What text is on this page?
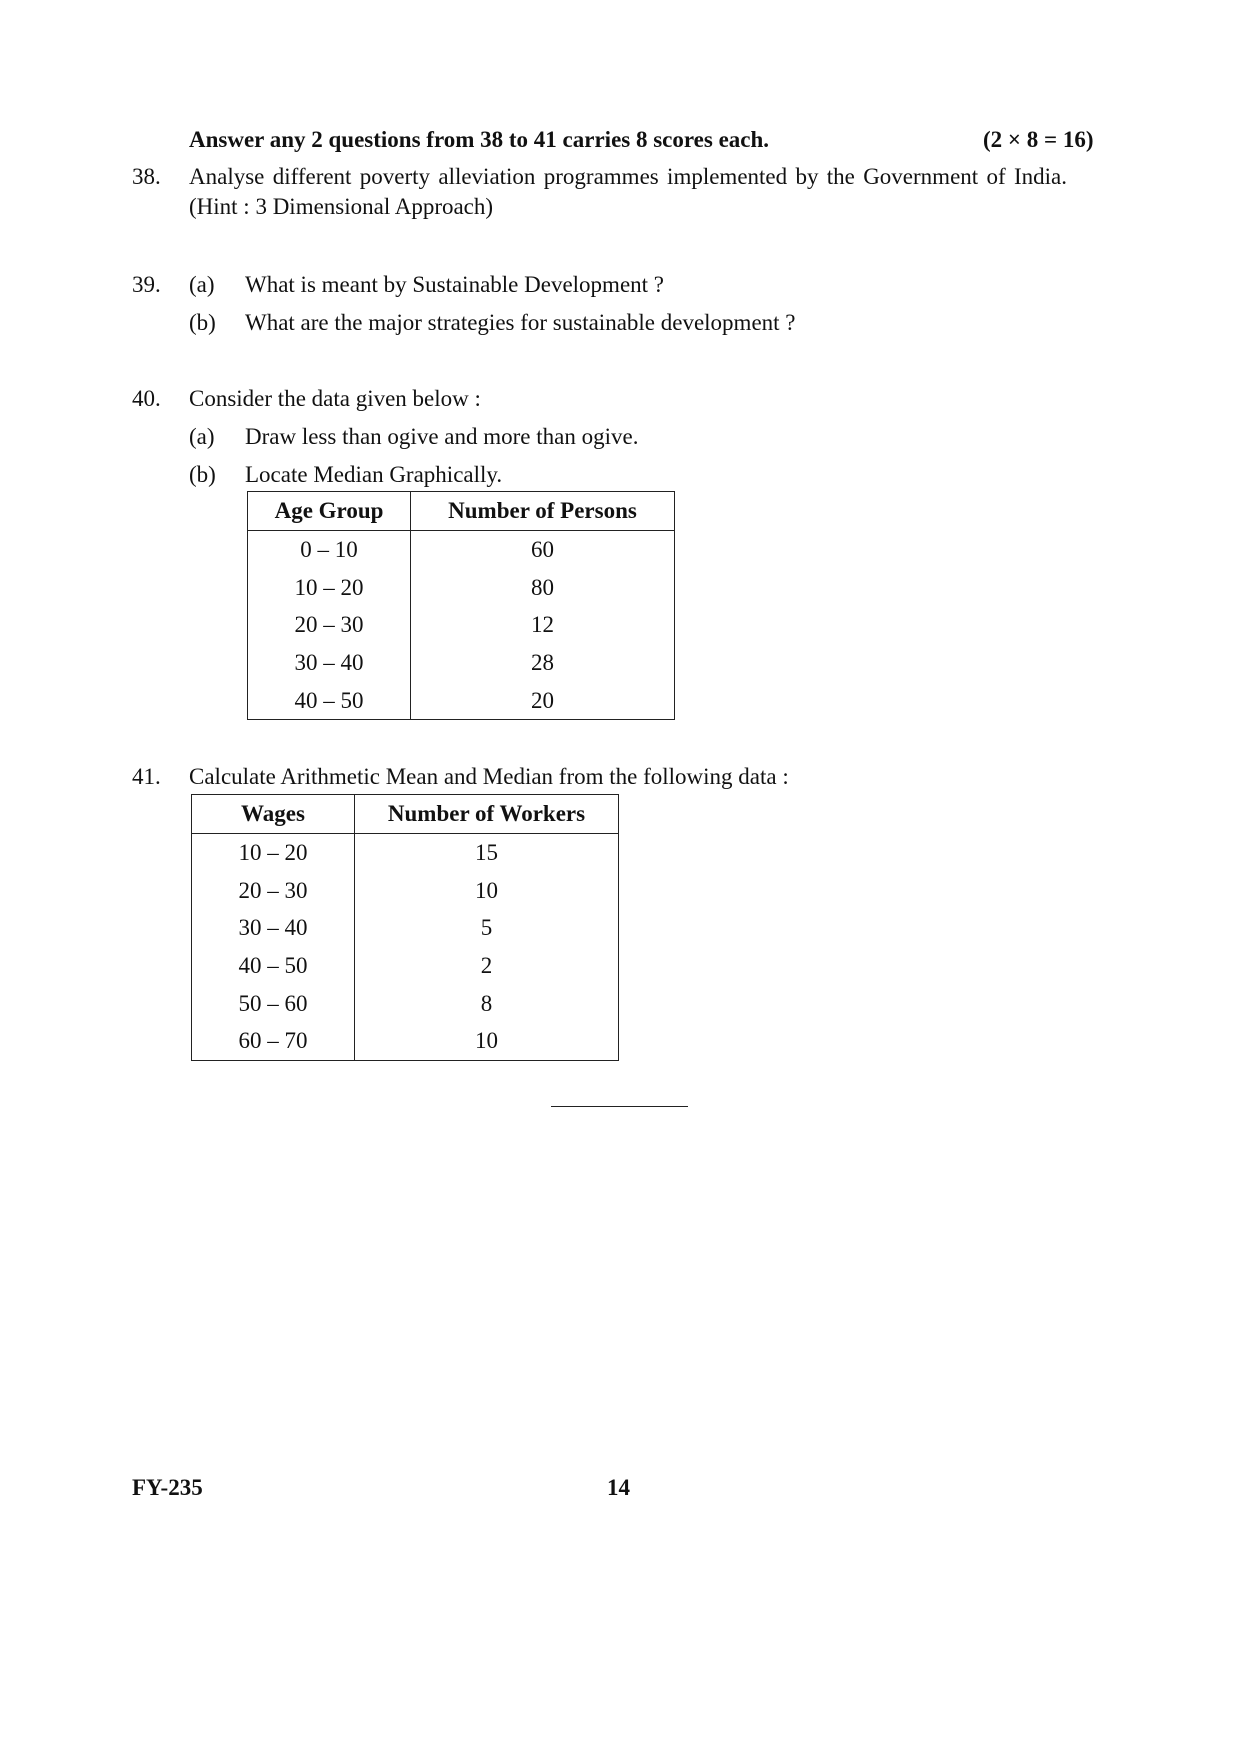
Answer any 2 questions from 38 to 41 carries 8 scores each.	(2 × 8 = 16)
38. Analyse different poverty alleviation programmes implemented by the Government of India. (Hint : 3 Dimensional Approach)
39. (a) What is meant by Sustainable Development ?
(b) What are the major strategies for sustainable development ?
40. Consider the data given below :
(a) Draw less than ogive and more than ogive.
(b) Locate Median Graphically.
Age Group	Number of Persons
0 – 10	60
10 – 20	80
20 – 30	12
30 – 40	28
40 – 50	20
41. Calculate Arithmetic Mean and Median from the following data :
Wages	Number of Workers
10 – 20	15
20 – 30	10
30 – 40	5
40 – 50	2
50 – 60	8
60 – 70	10
FY-235	14
